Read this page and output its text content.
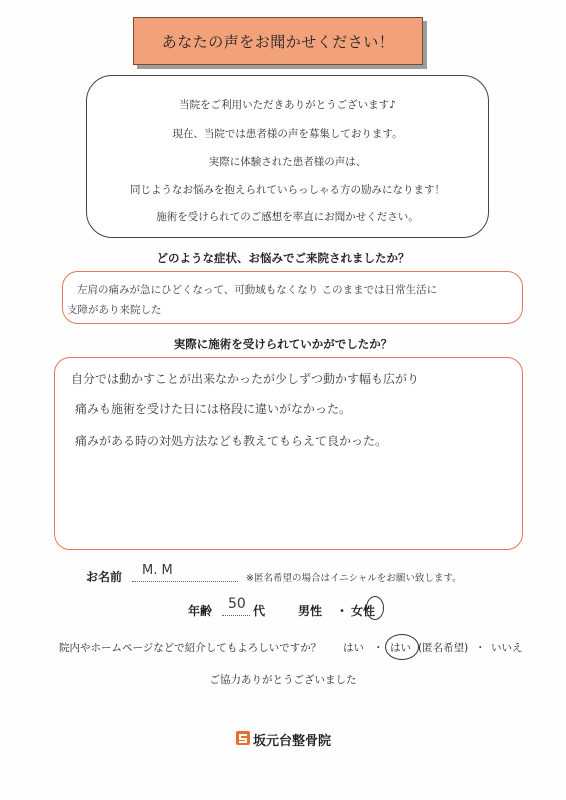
あなたの声をお聞かせください！
当院をご利用いただきありがとうございます♪
現在、当院では患者様の声を募集しております。
実際に体験された患者様の声は、
同じようなお悩みを抱えられていらっしゃる方の励みになります！
施術を受けられてのご感想を率直にお聞かせください。
どのような症状、お悩みでご来院されましたか？
左肩の痛みが急にひどくなって、可動域もなくなり このままでは日常生活に
支障があり来院した
実際に施術を受けられていかがでしたか？
自分では動かすことが出来なかったが少しずつ動かす幅も広がり
痛みも施術を受けた日には格段に違いがなかった。
痛みがある時の対処方法なども教えてもらえて良かった。
お名前 M. M
※匿名希望の場合はイニシャルをお願い致します。
年齢 50 代	男性 ・ 女性
院内やホームページなどで紹介してもよろしいですか？ はい ・ はい (匿名希望) ・ いいえ
ご協力ありがとうございました
坂元台整骨院
